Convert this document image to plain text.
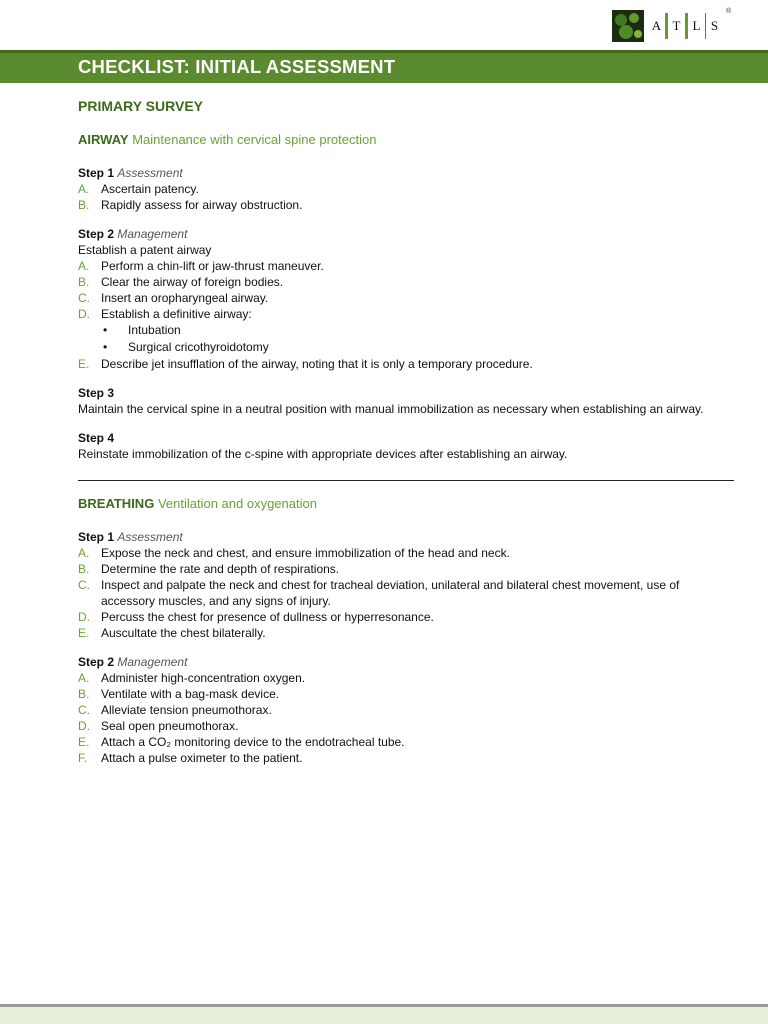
A T L S
®
CHECKLIST: INITIAL ASSESSMENT
PRIMARY SURVEY
AIRWAY Maintenance with cervical spine protection
Step 1 Assessment
A. Ascertain patency.
B. Rapidly assess for airway obstruction.
Step 2 Management
Establish a patent airway
A. Perform a chin-lift or jaw-thrust maneuver.
B. Clear the airway of foreign bodies.
C. Insert an oropharyngeal airway.
D. Establish a definitive airway:
•	Intubation
•	Surgical cricothyroidotomy
E. Describe jet insufflation of the airway, noting that it is only a temporary procedure.
Step 3
Maintain the cervical spine in a neutral position with manual immobilization as necessary when establishing an airway.
Step 4
Reinstate immobilization of the c-spine with appropriate devices after establishing an airway.
BREATHING Ventilation and oxygenation
Step 1 Assessment
A. Expose the neck and chest, and ensure immobilization of the head and neck.
B. Determine the rate and depth of respirations.
C. Inspect and palpate the neck and chest for tracheal deviation, unilateral and bilateral chest movement, use of accessory muscles, and any signs of injury.
D. Percuss the chest for presence of dullness or hyperresonance.
E. Auscultate the chest bilaterally.
Step 2 Management
A. Administer high-concentration oxygen.
B. Ventilate with a bag-mask device.
C. Alleviate tension pneumothorax.
D. Seal open pneumothorax.
E. Attach a CO₂ monitoring device to the endotracheal tube.
F.	Attach a pulse oximeter to the patient.
